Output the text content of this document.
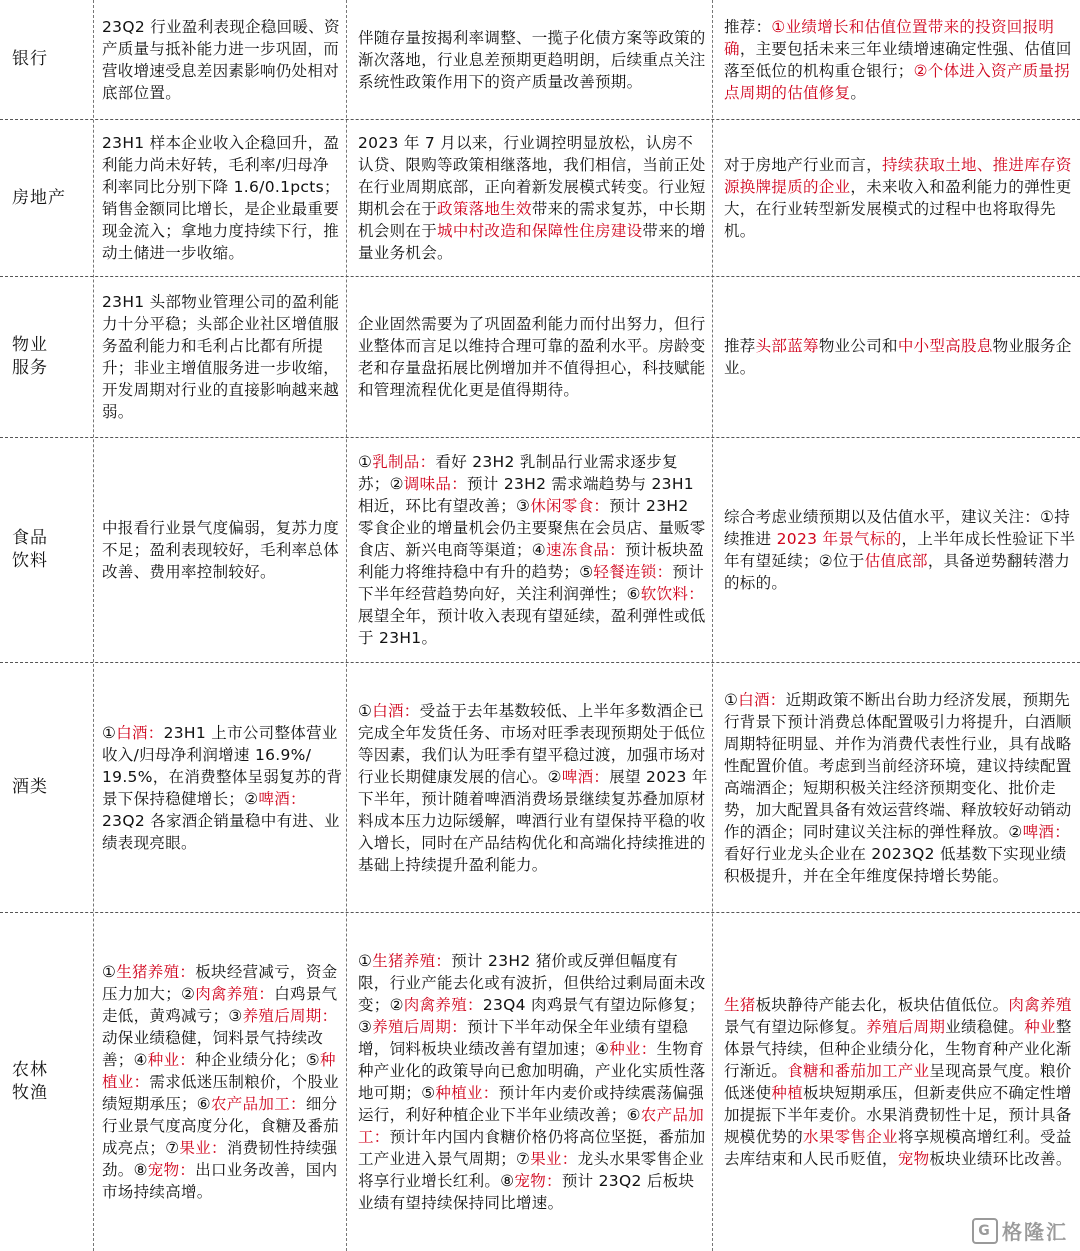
银行
23Q2 行业盈利表现企稳回暖、资产质量与抵补能力进一步巩固，而营收增速受息差因素影响仍处相对底部位置。
伴随存量按揭利率调整、一揽子化债方案等政策的渐次落地，行业息差预期更趋明朗，后续重点关注系统性政策作用下的资产质量改善预期。
推荐：①业绩增长和估值位置带来的投资回报明确，主要包括未来三年业绩增速确定性强、估值回落至低位的机构重仓银行；②个体进入资产质量拐点周期的估值修复。
房地产
23H1 样本企业收入企稳回升，盈利能力尚未好转，毛利率/归母净利率同比分别下降 1.6/0.1pcts；销售金额同比增长，是企业最重要现金流入；拿地力度持续下行，推动土储进一步收缩。
2023 年 7 月以来，行业调控明显放松，认房不认贷、限购等政策相继落地，我们相信，当前正处在行业周期底部，正向着新发展模式转变。行业短期机会在于政策落地生效带来的需求复苏，中长期机会则在于城中村改造和保障性住房建设带来的增量业务机会。
对于房地产行业而言，持续获取土地、推进库存资源换牌提质的企业，未来收入和盈利能力的弹性更大，在行业转型新发展模式的过程中也将取得先机。
物业
服务
23H1 头部物业管理公司的盈利能力十分平稳；头部企业社区增值服务盈利能力和毛利占比都有所提升；非业主增值服务进一步收缩，开发周期对行业的直接影响越来越弱。
企业固然需要为了巩固盈利能力而付出努力，但行业整体而言足以维持合理可靠的盈利水平。房龄变老和存量盘拓展比例增加并不值得担心，科技赋能和管理流程优化更是值得期待。
推荐头部蓝筹物业公司和中小型高股息物业服务企业。
食品
饮料
中报看行业景气度偏弱，复苏力度不足；盈利表现较好，毛利率总体改善、费用率控制较好。
①乳制品：看好 23H2 乳制品行业需求逐步复苏；②调味品：预计 23H2 需求端趋势与 23H1 相近，环比有望改善；③休闲零食：预计 23H2 零食企业的增量机会仍主要聚焦在会员店、量贩零食店、新兴电商等渠道；④速冻食品：预计板块盈利能力将维持稳中有升的趋势；⑤轻餐连锁：预计下半年经营趋势向好，关注利润弹性；⑥软饮料：展望全年，预计收入表现有望延续，盈利弹性或低于 23H1。
综合考虑业绩预期以及估值水平，建议关注：①持续推进 2023 年景气标的，上半年成长性验证下半年有望延续；②位于估值底部，具备逆势翻转潜力的标的。
酒类
①白酒：23H1 上市公司整体营业收入/归母净利润增速 16.9%/ 19.5%，在消费整体呈弱复苏的背景下保持稳健增长；②啤酒：23Q2 各家酒企销量稳中有进、业绩表现亮眼。
①白酒：受益于去年基数较低、上半年多数酒企已完成全年发货任务、市场对旺季表现预期处于低位等因素，我们认为旺季有望平稳过渡，加强市场对行业长期健康发展的信心。②啤酒：展望 2023 年下半年，预计随着啤酒消费场景继续复苏叠加原材料成本压力边际缓解，啤酒行业有望保持平稳的收入增长，同时在产品结构优化和高端化持续推进的基础上持续提升盈利能力。
①白酒：近期政策不断出台助力经济发展，预期先行背景下预计消费总体配置吸引力将提升，白酒顺周期特征明显、并作为消费代表性行业，具有战略性配置价值。考虑到当前经济环境，建议持续配置高端酒企；短期积极关注经济预期变化、批价走势，加大配置具备有效运营终端、释放较好动销动作的酒企；同时建议关注标的弹性释放。②啤酒：看好行业龙头企业在 2023Q2 低基数下实现业绩积极提升，并在全年维度保持增长势能。
农林
牧渔
①生猪养殖：板块经营减亏，资金压力加大；②肉禽养殖：白鸡景气走低，黄鸡减亏；③养殖后周期：动保业绩稳健，饲料景气持续改善；④种业：种企业绩分化；⑤种植业：需求低迷压制粮价，个股业绩短期承压；⑥农产品加工：细分行业景气度高度分化，食糖及番茄成亮点；⑦果业：消费韧性持续强劲。⑧宠物：出口业务改善，国内市场持续高增。
①生猪养殖：预计 23H2 猪价或反弹但幅度有限，行业产能去化或有波折，但供给过剩局面未改变；②肉禽养殖：23Q4 肉鸡景气有望边际修复；③养殖后周期：预计下半年动保全年业绩有望稳增，饲料板块业绩改善有望加速；④种业：生物育种产业化的政策导向已愈加明确，产业化实质性落地可期；⑤种植业：预计年内麦价或持续震荡偏强运行，利好种植企业下半年业绩改善；⑥农产品加工：预计年内国内食糖价格仍将高位坚挺，番茄加工产业进入景气周期；⑦果业：龙头水果零售企业将享行业增长红利。⑧宠物：预计 23Q2 后板块业绩有望持续保持同比增速。
生猪板块静待产能去化，板块估值低位。肉禽养殖景气有望边际修复。养殖后周期业绩稳健。种业整体景气持续，但种企业绩分化，生物育种产业化渐行渐近。食糖和番茄加工产业呈现高景气度。粮价低迷使种植板块短期承压，但新麦供应不确定性增加提振下半年麦价。水果消费韧性十足，预计具备规模优势的水果零售企业将享规模高增红利。受益去库结束和人民币贬值，宠物板块业绩环比改善。
G 格隆汇
